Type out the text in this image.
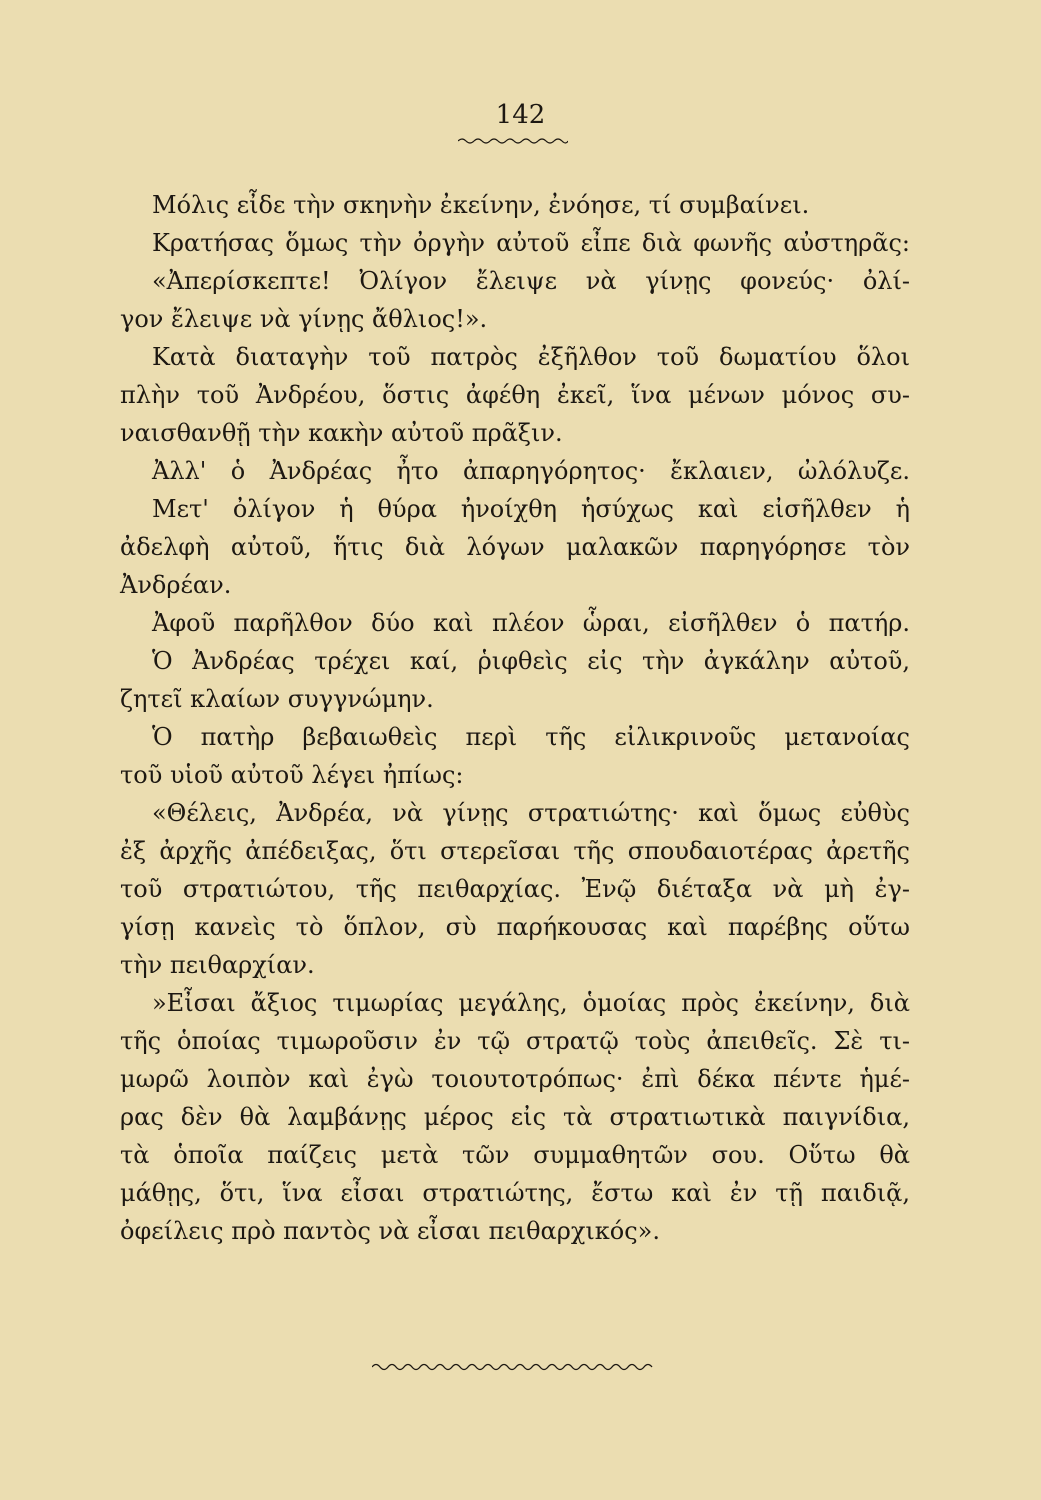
142
Μόλις εἶδε τὴν σκηνὴν ἐκείνην, ἐνόησε, τί συμβαίνει.
Κρατήσας ὅμως τὴν ὀργὴν αὐτοῦ εἶπε διὰ φωνῆς αὐστηρᾶς:
«Ἀπερίσκεπτε! Ὀλίγον ἔλειψε νὰ γίνῃς φονεύς· ὀλί-
γον ἔλειψε νὰ γίνῃς ἄθλιος!».
Κατὰ διαταγὴν τοῦ πατρὸς ἐξῆλθον τοῦ δωματίου ὅλοι
πλὴν τοῦ Ἀνδρέου, ὅστις ἀφέθη ἐκεῖ, ἵνα μένων μόνος συ-
ναισθανθῇ τὴν κακὴν αὐτοῦ πρᾶξιν.
Ἀλλ' ὁ Ἀνδρέας ἦτο ἀπαρηγόρητος· ἔκλαιεν, ὠλόλυζε.
Μετ' ὀλίγον ἡ θύρα ἠνοίχθη ἡσύχως καὶ εἰσῆλθεν ἡ
ἀδελφὴ αὐτοῦ, ἥτις διὰ λόγων μαλακῶν παρηγόρησε τὸν
Ἀνδρέαν.
Ἀφοῦ παρῆλθον δύο καὶ πλέον ὧραι, εἰσῆλθεν ὁ πατήρ.
Ὁ Ἀνδρέας τρέχει καί, ῥιφθεὶς εἰς τὴν ἀγκάλην αὐτοῦ,
ζητεῖ κλαίων συγγνώμην.
Ὁ πατὴρ βεβαιωθεὶς περὶ τῆς εἰλικρινοῦς μετανοίας
τοῦ υἱοῦ αὐτοῦ λέγει ἠπίως:
«Θέλεις, Ἀνδρέα, νὰ γίνῃς στρατιώτης· καὶ ὅμως εὐθὺς
ἐξ ἀρχῆς ἀπέδειξας, ὅτι στερεῖσαι τῆς σπουδαιοτέρας ἀρετῆς
τοῦ στρατιώτου, τῆς πειθαρχίας. Ἐνῷ διέταξα νὰ μὴ ἐγ-
γίσῃ κανεὶς τὸ ὅπλον, σὺ παρήκουσας καὶ παρέβης οὕτω
τὴν πειθαρχίαν.
»Εἶσαι ἄξιος τιμωρίας μεγάλης, ὁμοίας πρὸς ἐκείνην, διὰ
τῆς ὁποίας τιμωροῦσιν ἐν τῷ στρατῷ τοὺς ἀπειθεῖς. Σὲ τι-
μωρῶ λοιπὸν καὶ ἐγὼ τοιουτοτρόπως· ἐπὶ δέκα πέντε ἡμέ-
ρας δὲν θὰ λαμβάνῃς μέρος εἰς τὰ στρατιωτικὰ παιγνίδια,
τὰ ὁποῖα παίζεις μετὰ τῶν συμμαθητῶν σου. Οὕτω θὰ
μάθῃς, ὅτι, ἵνα εἶσαι στρατιώτης, ἔστω καὶ ἐν τῇ παιδιᾷ,
ὀφείλεις πρὸ παντὸς νὰ εἶσαι πειθαρχικός».
